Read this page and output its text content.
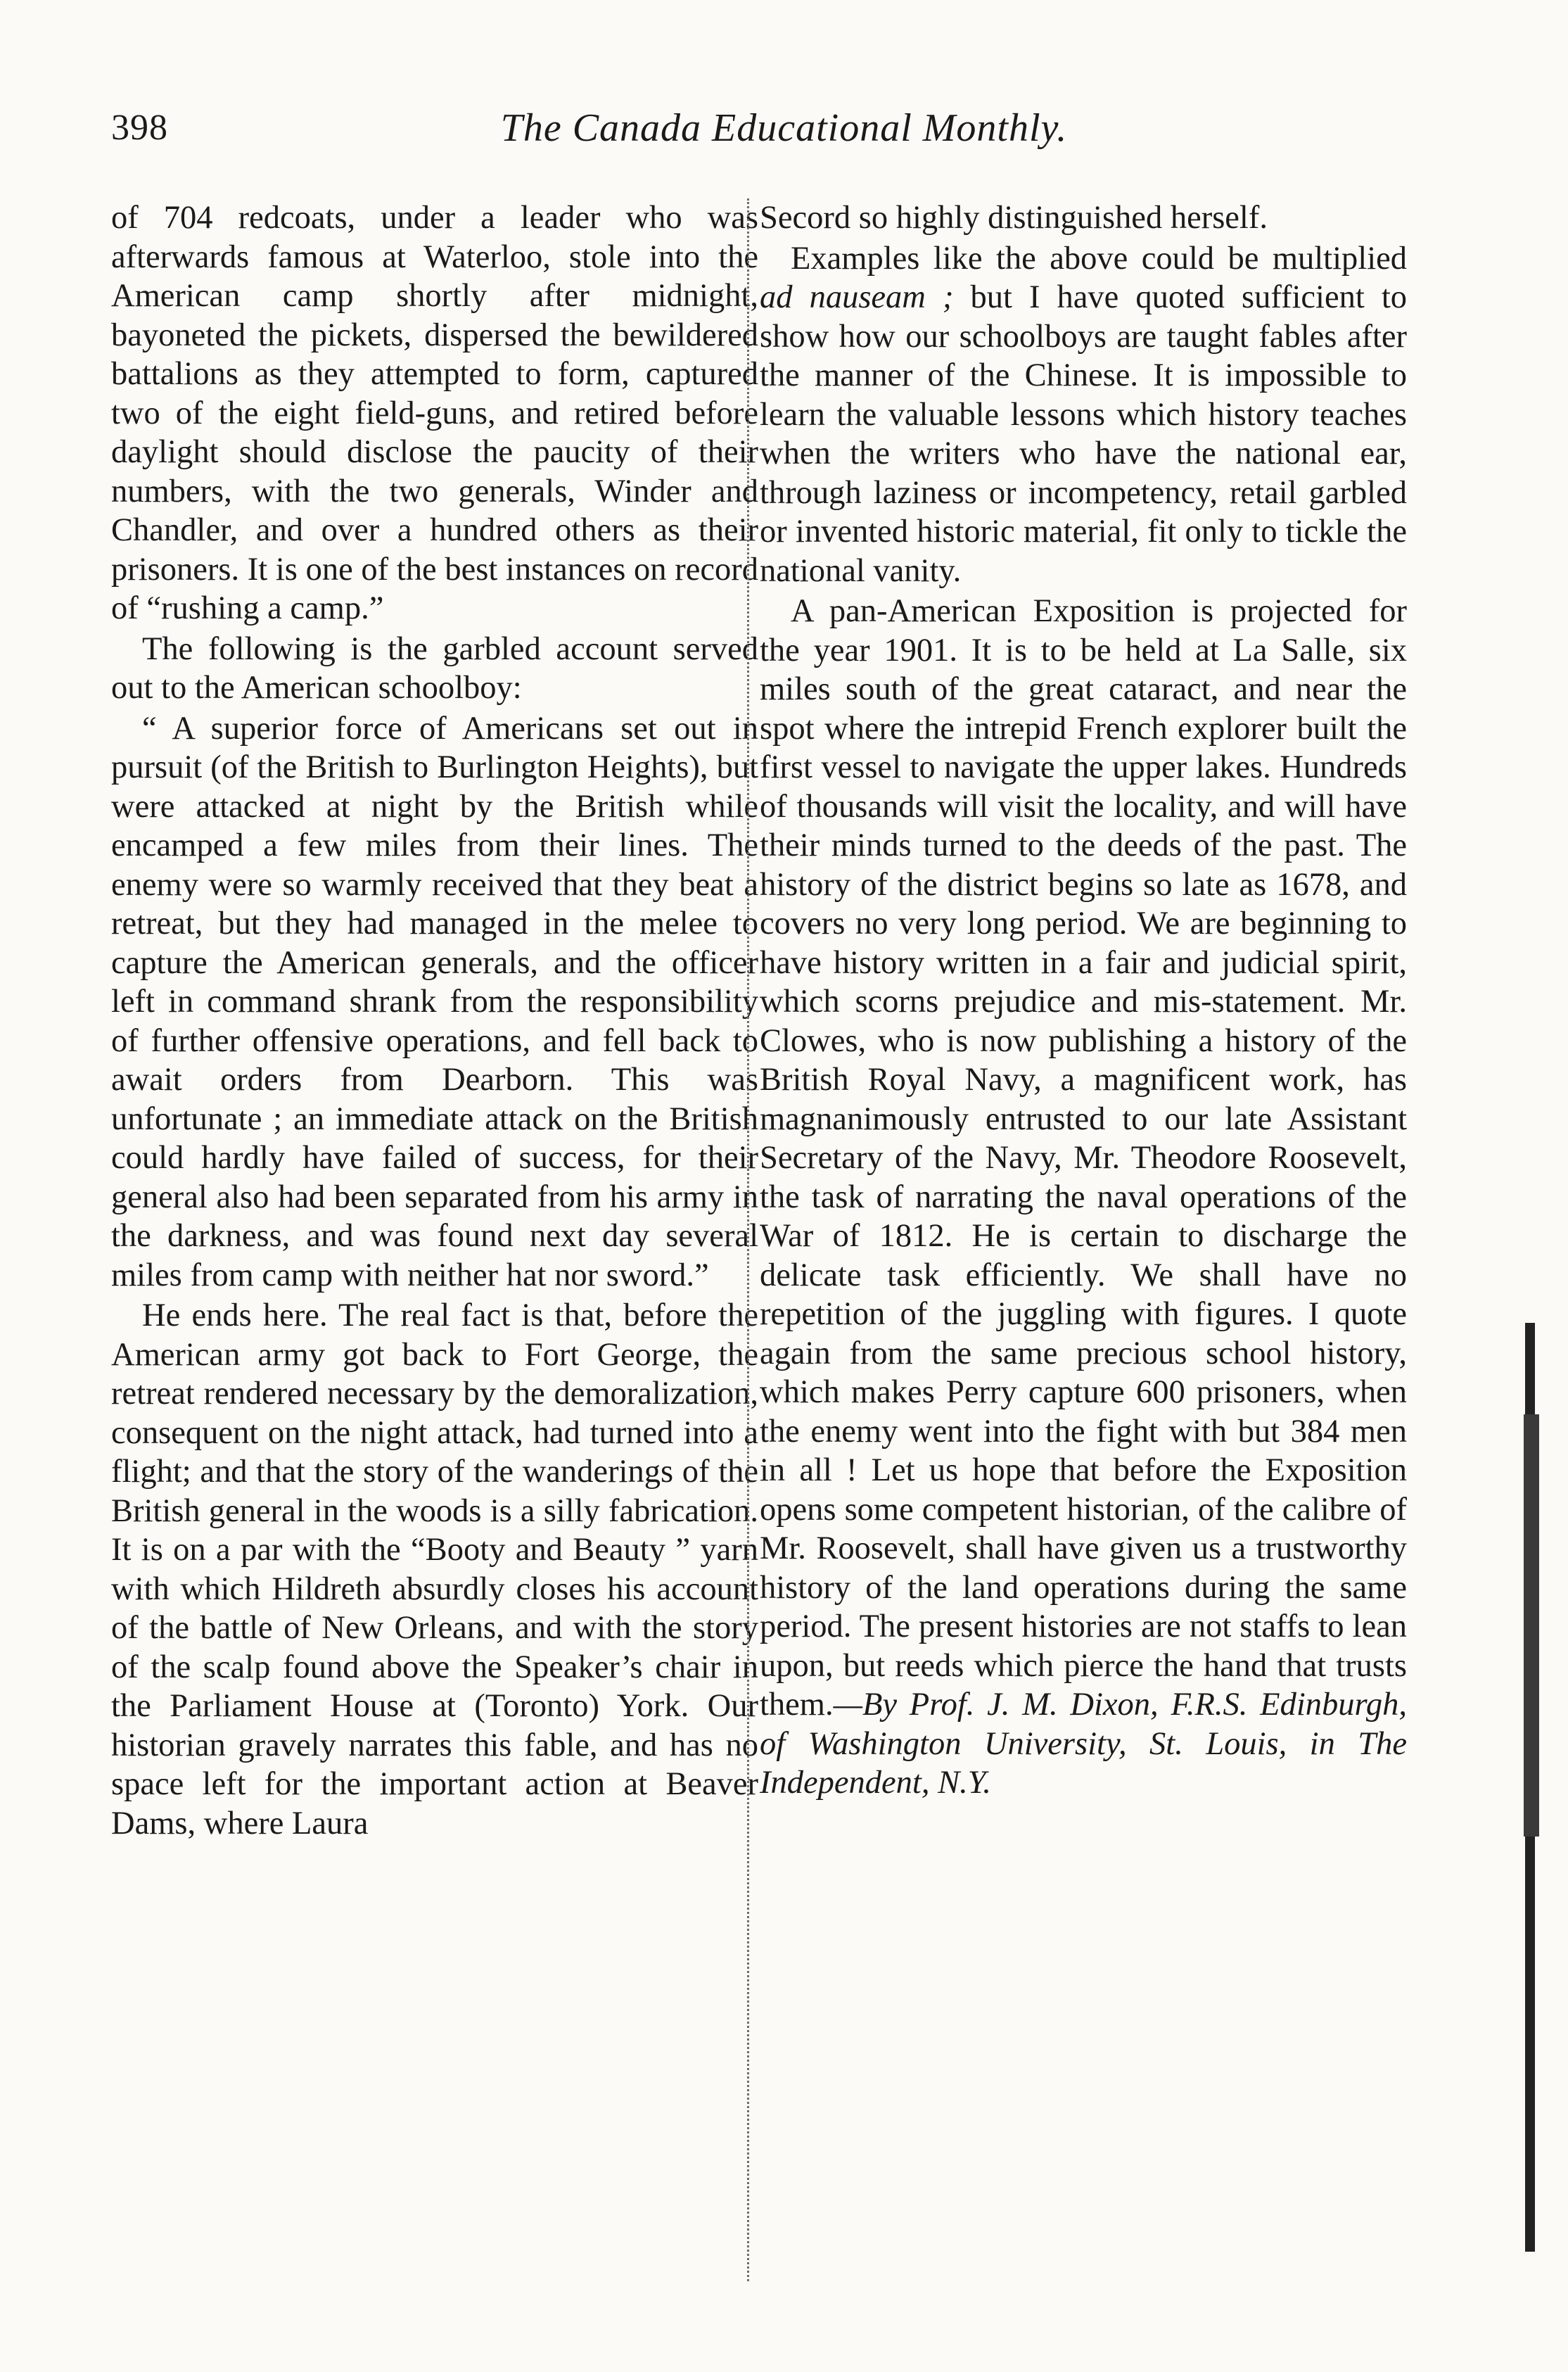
398	The Canada Educational Monthly.

of 704 redcoats, under a leader who was afterwards famous at Waterloo, stole into the American camp shortly after midnight, bayoneted the pickets, dispersed the bewildered battalions as they attempted to form, captured two of the eight field-guns, and retired before daylight should disclose the paucity of their numbers, with the two generals, Winder and Chandler, and over a hundred others as their prisoners. It is one of the best instances on record of “rushing a camp.”

The following is the garbled account served out to the American schoolboy:

“ A superior force of Americans set out in pursuit (of the British to Burlington Heights), but were attacked at night by the British while encamped a few miles from their lines. The enemy were so warmly received that they beat a retreat, but they had managed in the melee to capture the American generals, and the officer left in command shrank from the responsibility of further offensive operations, and fell back to await orders from Dearborn. This was unfortunate ; an immediate attack on the British could hardly have failed of success, for their general also had been separated from his army in the darkness, and was found next day several miles from camp with neither hat nor sword.”

He ends here. The real fact is that, before the American army got back to Fort George, the retreat rendered necessary by the demoralization, consequent on the night attack, had turned into a flight; and that the story of the wanderings of the British general in the woods is a silly fabrication. It is on a par with the “Booty and Beauty ” yarn with which Hildreth absurdly closes his account of the battle of New Orleans, and with the story of the scalp found above the Speaker’s chair in the Parliament House at (Toronto) York. Our historian gravely narrates this fable, and has no space left for the important action at Beaver Dams, where Laura

Secord so highly distinguished herself.

Examples like the above could be multiplied ad nauseam ; but I have quoted sufficient to show how our schoolboys are taught fables after the manner of the Chinese. It is impossible to learn the valuable lessons which history teaches when the writers who have the national ear, through laziness or incompetency, retail garbled or invented historic material, fit only to tickle the national vanity.

A pan-American Exposition is projected for the year 1901. It is to be held at La Salle, six miles south of the great cataract, and near the spot where the intrepid French explorer built the first vessel to navigate the upper lakes. Hundreds of thousands will visit the locality, and will have their minds turned to the deeds of the past. The history of the district begins so late as 1678, and covers no very long period. We are beginning to have history written in a fair and judicial spirit, which scorns prejudice and mis-statement. Mr. Clowes, who is now publishing a history of the British Royal Navy, a magnificent work, has magnanimously entrusted to our late Assistant Secretary of the Navy, Mr. Theodore Roosevelt, the task of narrating the naval operations of the War of 1812. He is certain to discharge the delicate task efficiently. We shall have no repetition of the juggling with figures. I quote again from the same precious school history, which makes Perry capture 600 prisoners, when the enemy went into the fight with but 384 men in all ! Let us hope that before the Exposition opens some competent historian, of the calibre of Mr. Roosevelt, shall have given us a trustworthy history of the land operations during the same period. The present histories are not staffs to lean upon, but reeds which pierce the hand that trusts them.—By Prof. J. M. Dixon, F.R.S. Edinburgh, of Washington University, St. Louis, in The Independent, N.Y.
